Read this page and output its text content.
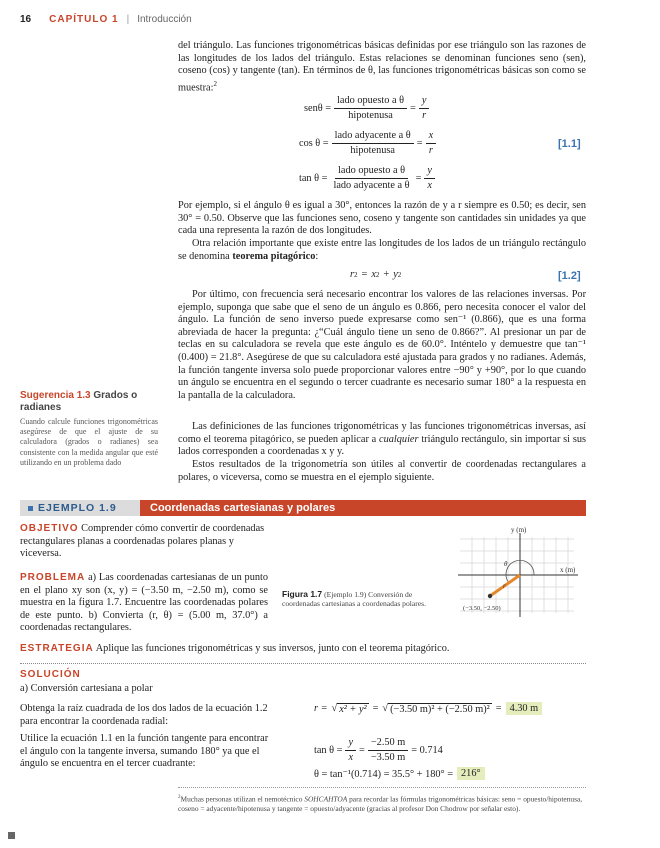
16 CAPÍTULO 1 | Introducción
del triángulo. Las funciones trigonométricas básicas definidas por ese triángulo son las razones de las longitudes de los lados del triángulo. Estas relaciones se denominan funciones seno (sen), coseno (cos) y tangente (tan). En términos de θ, las funciones trigonométricas básicas son como se muestra:$^2$
$sen\theta = \frac{\text{lado opuesto a θ}}{\text{hipotenusa}} = \frac{y}{r}$
$\cos \theta = \frac{\text{lado adyacente a θ}}{\text{hipotenusa}} = \frac{x}{r}$	[1.1]
$\tan \theta = \frac{\text{lado opuesto a θ}}{\text{lado adyacente a θ}} = \frac{y}{x}$
Por ejemplo, si el ángulo θ es igual a 30°, entonces la razón de y a r siempre es 0.50; es decir, sen 30° = 0.50. Observe que las funciones seno, coseno y tangente son cantidades sin unidades ya que cada una representa la razón de dos longitudes.
Otra relación importante que existe entre las longitudes de los lados de un triángulo rectángulo se denomina teorema pitagórico:
r 2 = x 2 + y 2	[1.2]
Por último, con frecuencia será necesario encontrar los valores de las relaciones inversas. Por ejemplo, suponga que sabe que el seno de un ángulo es 0.866, pero necesita conocer el valor del ángulo. La función de seno inverso puede expresarse como sen⁻¹ (0.866), que es una forma abreviada de hacer la pregunta: ¿“Cuál ángulo tiene un seno de 0.866?”. Al presionar un par de teclas en su calculadora se revela que este ángulo es de 60.0°. Inténtelo y demuestre que tan⁻¹ (0.400) = 21.8°. Asegúrese de que su calculadora esté ajustada para grados y no radianes. Además, la función tangente inversa solo puede proporcionar valores entre −90° y +90°, por lo que cuando un ángulo se encuentra en el segundo o tercer cuadrante es necesario sumar 180° a la respuesta en la pantalla de la calculadora.
Las definiciones de las funciones trigonométricas y las funciones trigonométricas inversas, así como el teorema pitagórico, se pueden aplicar a cualquier triángulo rectángulo, sin importar si sus lados corresponden a coordenadas x y y.
Estos resultados de la trigonometría son útiles al convertir de coordenadas rectangulares a polares, o viceversa, como se muestra en el ejemplo siguiente.
Sugerencia 1.3 Grados o radianes
Cuando calcule funciones trigonométricas asegúrese de que el ajuste de su calculadora (grados o radianes) sea consistente con la medida angular que esté utilizando en un problema dado
EJEMPLO 1.9	Coordenadas cartesianas y polares
OBJETIVO Comprender cómo convertir de coordenadas rectangulares planas a coordenadas polares planas y viceversa.
PROBLEMA a) Las coordenadas cartesianas de un punto en el plano xy son (x, y) = (−3.50 m, −2.50 m), como se muestra en la figura 1.7. Encuentre las coordenadas polares de este punto. b) Convierta (r, θ) = (5.00 m, 37.0°) a coordenadas rectangulares.
Figura 1.7 (Ejemplo 1.9) Conversión de coordenadas cartesianas a coordenadas polares.
y (m)
x (m)
θ
r
(−3.50, −2.50)
ESTRATEGIA Aplique las funciones trigonométricas y sus inversos, junto con el teorema pitagórico.
SOLUCIÓN
a) Conversión cartesiana a polar
Obtenga la raíz cuadrada de los dos lados de la ecuación 1.2 para encontrar la coordenada radial:
r = √ x² + y² = √ (−3.50 m)² + (−2.50 m)² = 4.30 m
Utilice la ecuación 1.1 en la función tangente para encontrar el ángulo con la tangente inversa, sumando 180° ya que el ángulo se encuentra en el tercer cuadrante:
$\tan \theta = \frac{y}{x} = \frac{-2.50 m}{-3.50 m} = 0.714$
θ = tan⁻¹(0.714) = 35.5° + 180° = 216°
$^2$Muchas personas utilizan el nemotécnico SOHCAHTOA para recordar las fórmulas trigonométricas básicas: seno = opuesto/hipotenusa, coseno = adyacente/hipotenusa y tangente = opuesto/adyacente (gracias al profesor Don Chodrow por señalar esto).
